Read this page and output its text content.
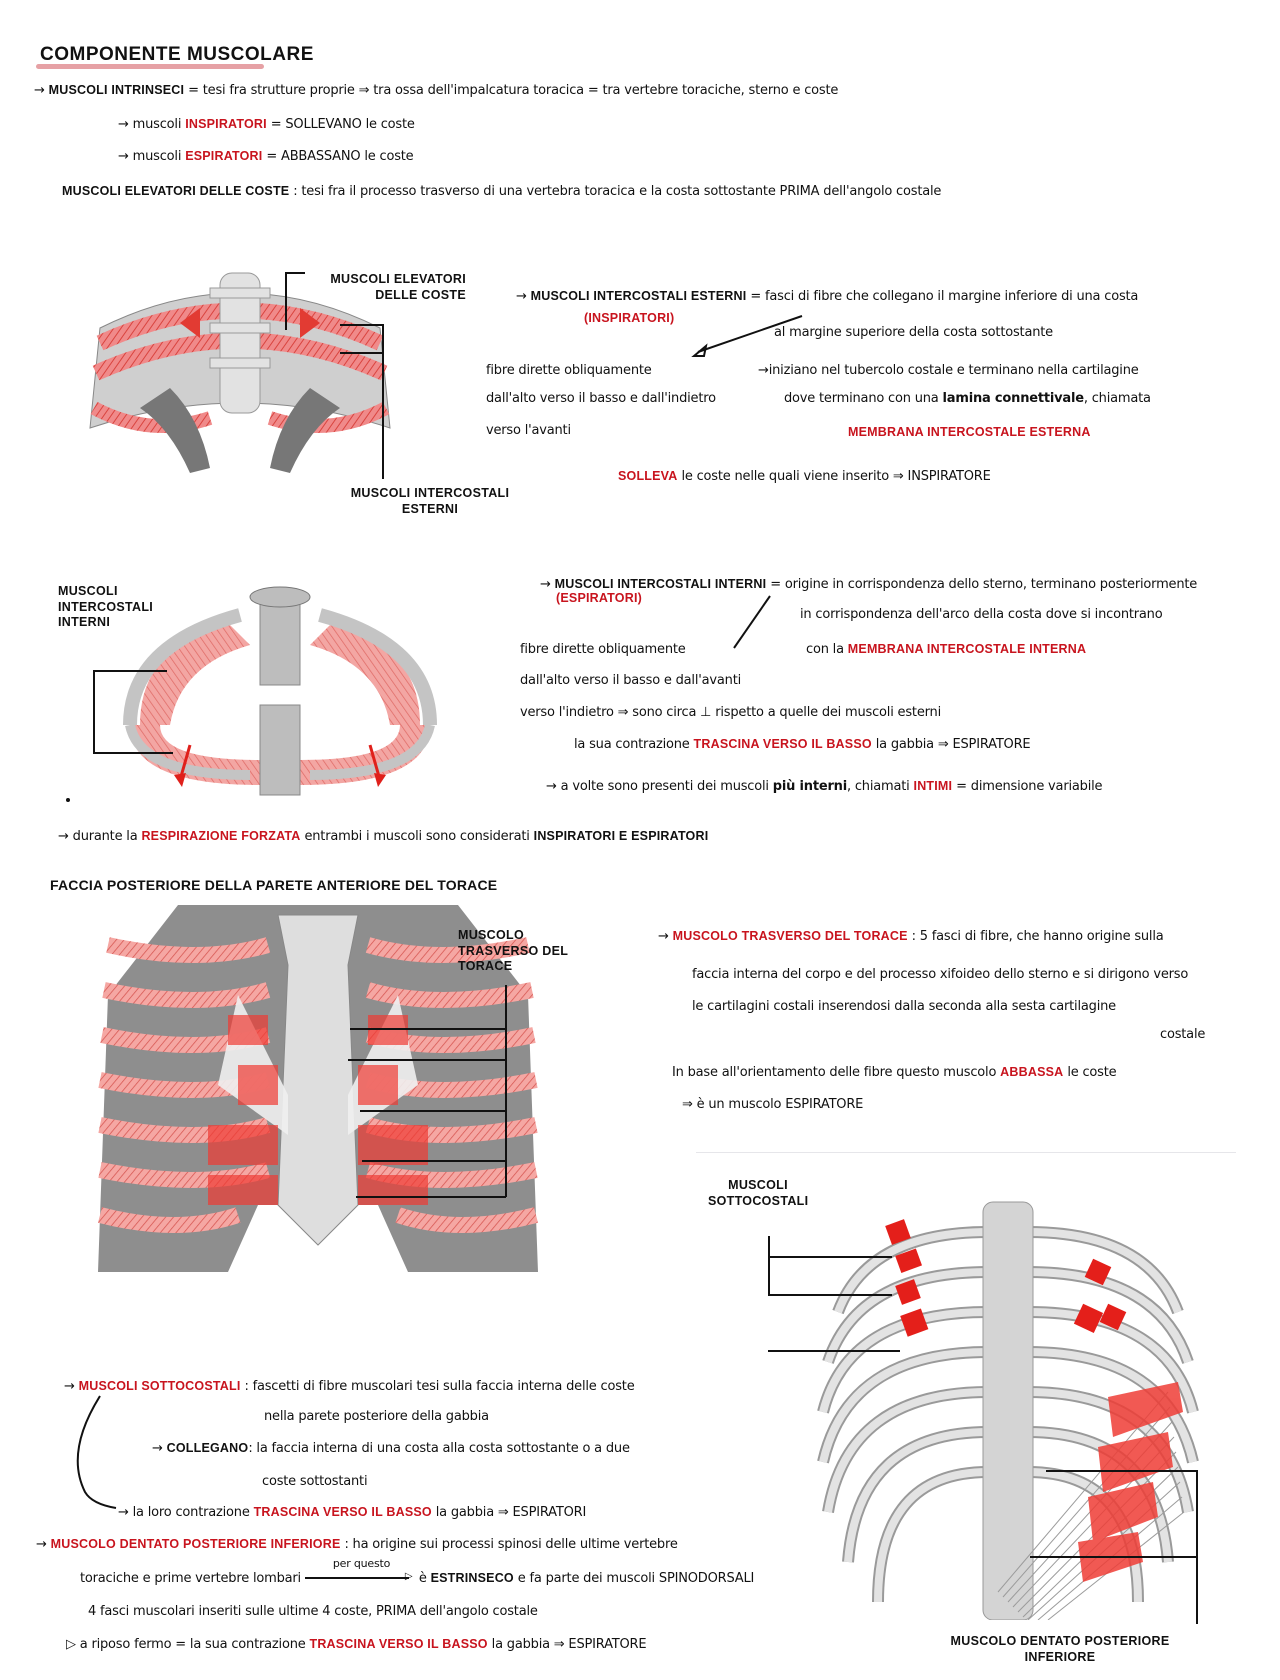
COMPONENTE MUSCOLARE
→ MUSCOLI INTRINSECI = tesi fra strutture proprie ⇒ tra ossa dell'impalcatura toracica = tra vertebre toraciche, sterno e coste
→ muscoli INSPIRATORI = SOLLEVANO le coste
→ muscoli ESPIRATORI = ABBASSANO le coste
MUSCOLI ELEVATORI DELLE COSTE : tesi fra il processo trasverso di una vertebra toracica e la costa sottostante PRIMA dell'angolo costale
MUSCOLI ELEVATORI DELLE COSTE
MUSCOLI INTERCOSTALI ESTERNI
→ MUSCOLI INTERCOSTALI ESTERNI = fasci di fibre che collegano il margine inferiore di una costa
(INSPIRATORI)
al margine superiore della costa sottostante
fibre dirette obliquamente
dall'alto verso il basso e dall'indietro
verso l'avanti
→iniziano nel tubercolo costale e terminano nella cartilagine
dove terminano con una lamina connettivale, chiamata
MEMBRANA INTERCOSTALE ESTERNA
SOLLEVA le coste nelle quali viene inserito ⇒ INSPIRATORE
MUSCOLI INTERCOSTALI INTERNI
→ MUSCOLI INTERCOSTALI INTERNI = origine in corrispondenza dello sterno, terminano posteriormente
(ESPIRATORI)
in corrispondenza dell'arco della costa dove si incontrano
con la MEMBRANA INTERCOSTALE INTERNA
fibre dirette obliquamente
dall'alto verso il basso e dall'avanti
verso l'indietro ⇒ sono circa ⊥ rispetto a quelle dei muscoli esterni
la sua contrazione TRASCINA VERSO IL BASSO la gabbia ⇒ ESPIRATORE
→ a volte sono presenti dei muscoli più interni, chiamati INTIMI = dimensione variabile
→ durante la RESPIRAZIONE FORZATA entrambi i muscoli sono considerati INSPIRATORI E ESPIRATORI
FACCIA POSTERIORE DELLA PARETE ANTERIORE DEL TORACE
MUSCOLO TRASVERSO DEL TORACE
→ MUSCOLO TRASVERSO DEL TORACE : 5 fasci di fibre, che hanno origine sulla
faccia interna del corpo e del processo xifoideo dello sterno e si dirigono verso
le cartilagini costali inserendosi dalla seconda alla sesta cartilagine
costale
In base all'orientamento delle fibre questo muscolo ABBASSA le coste
⇒ è un muscolo ESPIRATORE
MUSCOLI SOTTOCOSTALI
MUSCOLO DENTATO POSTERIORE INFERIORE
→ MUSCOLI SOTTOCOSTALI : fascetti di fibre muscolari tesi sulla faccia interna delle coste
nella parete posteriore della gabbia
→ COLLEGANO: la faccia interna di una costa alla costa sottostante o a due
coste sottostanti
→ la loro contrazione TRASCINA VERSO IL BASSO la gabbia ⇒ ESPIRATORI
→ MUSCOLO DENTATO POSTERIORE INFERIORE : ha origine sui processi spinosi delle ultime vertebre
toraciche e prime vertebre lombari
per questo
▷ è ESTRINSECO e fa parte dei muscoli SPINODORSALI
4 fasci muscolari inseriti sulle ultime 4 coste, PRIMA dell'angolo costale
▷ a riposo fermo = la sua contrazione TRASCINA VERSO IL BASSO la gabbia ⇒ ESPIRATORE
